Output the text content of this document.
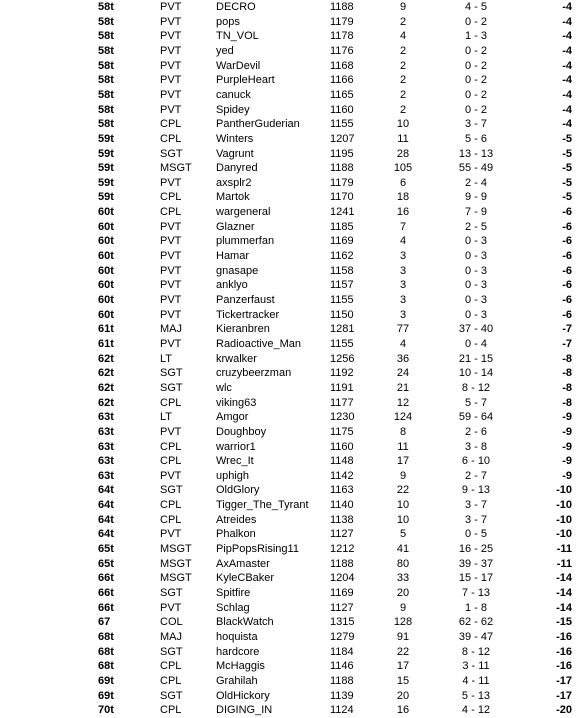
58t	PVT	DECRO	1188	9	4 - 5	-4
58t	PVT	pops	1179	2	0 - 2	-4
58t	PVT	TN_VOL	1178	4	1 - 3	-4
58t	PVT	yed	1176	2	0 - 2	-4
58t	PVT	WarDevil	1168	2	0 - 2	-4
58t	PVT	PurpleHeart	1166	2	0 - 2	-4
58t	PVT	canuck	1165	2	0 - 2	-4
58t	PVT	Spidey	1160	2	0 - 2	-4
58t	CPL	PantherGuderian	1155	10	3 - 7	-4
59t	CPL	Winters	1207	11	5 - 6	-5
59t	SGT	Vagrunt	1195	28	13 - 13	-5
59t	MSGT Danyred	1188	105	55 - 49	-5
59t	PVT	axsplr2	1179	6	2 - 4	-5
59t	CPL	Martok	1170	18	9 - 9	-5
60t	CPL	wargeneral	1241	16	7 - 9	-6
60t	PVT	Glazner	1185	7	2 - 5	-6
60t	PVT	plummerfan	1169	4	0 - 3	-6
60t	PVT	Hamar	1162	3	0 - 3	-6
60t	PVT	gnasape	1158	3	0 - 3	-6
60t	PVT	anklyo	1157	3	0 - 3	-6
60t	PVT	Panzerfaust	1155	3	0 - 3	-6
60t	PVT	Tickertracker	1150	3	0 - 3	-6
61t	MAJ	Kieranbren	1281	77	37 - 40	-7
61t	PVT	Radioactive_Man	1155	4	0 - 4	-7
62t	LT	krwalker	1256	36	21 - 15	-8
62t	SGT	cruzybeerzman	1192	24	10 - 14	-8
62t	SGT	wlc	1191	21	8 - 12	-8
62t	CPL	viking63	1177	12	5 - 7	-8
63t	LT	Amgor	1230	124	59 - 64	-9
63t	PVT	Doughboy	1175	8	2 - 6	-9
63t	CPL	warrior1	1160	11	3 - 8	-9
63t	CPL	Wrec_It	1148	17	6 - 10	-9
63t	PVT	uphigh	1142	9	2 - 7	-9
64t	SGT	OldGlory	1163	22	9 - 13	-10
64t	CPL	Tigger_The_Tyrant 1140	10	3 - 7	-10
64t	CPL	Atreides	1138	10	3 - 7	-10
64t	PVT	Phalkon	1127	5	0 - 5	-10
65t	MSGT PipPopsRising11	1212	41	16 - 25	-11
65t	MSGT AxAmaster	1188	80	39 - 37	-11
66t	MSGT KyleCBaker	1204	33	15 - 17	-14
66t	SGT	Spitfire	1169	20	7 - 13	-14
66t	PVT	Schlag	1127	9	1 - 8	-14
67	COL	BlackWatch	1315	128	62 - 62	-15
68t	MAJ	hoquista	1279	91	39 - 47	-16
68t	SGT	hardcore	1184	22	8 - 12	-16
68t	CPL	McHaggis	1146	17	3 - 11	-16
69t	CPL	Grahilah	1188	15	4 - 11	-17
69t	SGT	OldHickory	1139	20	5 - 13	-17
70t	CPL	DIGING_IN	1124	16	4 - 12	-20
